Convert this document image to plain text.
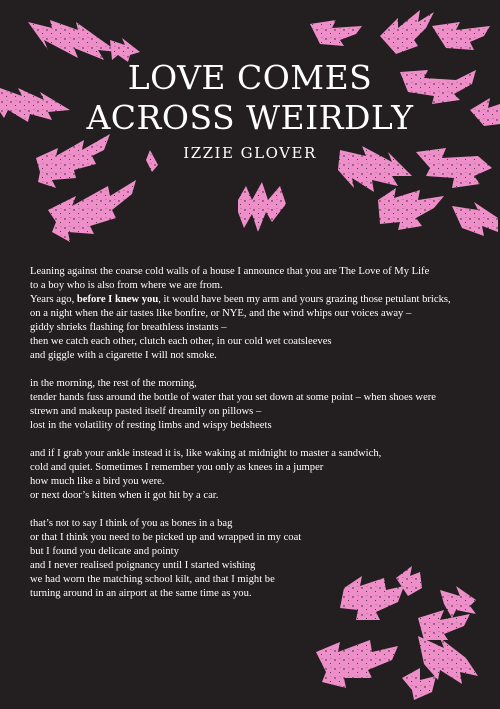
LOVE COMES
ACROSS WEIRDLY
IZZIE GLOVER
Leaning against the coarse cold walls of a house I announce that you are The Love of My Life
to a boy who is also from where we are from.
Years ago, before I knew you, it would have been my arm and yours grazing those petulant bricks,
on a night when the air tastes like bonfire, or NYE, and the wind whips our voices away –
giddy shrieks flashing for breathless instants –
then we catch each other, clutch each other, in our cold wet coatsleeves
and giggle with a cigarette I will not smoke.
in the morning, the rest of the morning,
tender hands fuss around the bottle of water that you set down at some point – when shoes were
strewn and makeup pasted itself dreamily on pillows –
lost in the volatility of resting limbs and wispy bedsheets
and if I grab your ankle instead it is, like waking at midnight to master a sandwich,
cold and quiet. Sometimes I remember you only as knees in a jumper
how much like a bird you were.
or next door’s kitten when it got hit by a car.
that’s not to say I think of you as bones in a bag
or that I think you need to be picked up and wrapped in my coat
but I found you delicate and pointy
and I never realised poignancy until I started wishing
we had worn the matching school kilt, and that I might be
turning around in an airport at the same time as you.
